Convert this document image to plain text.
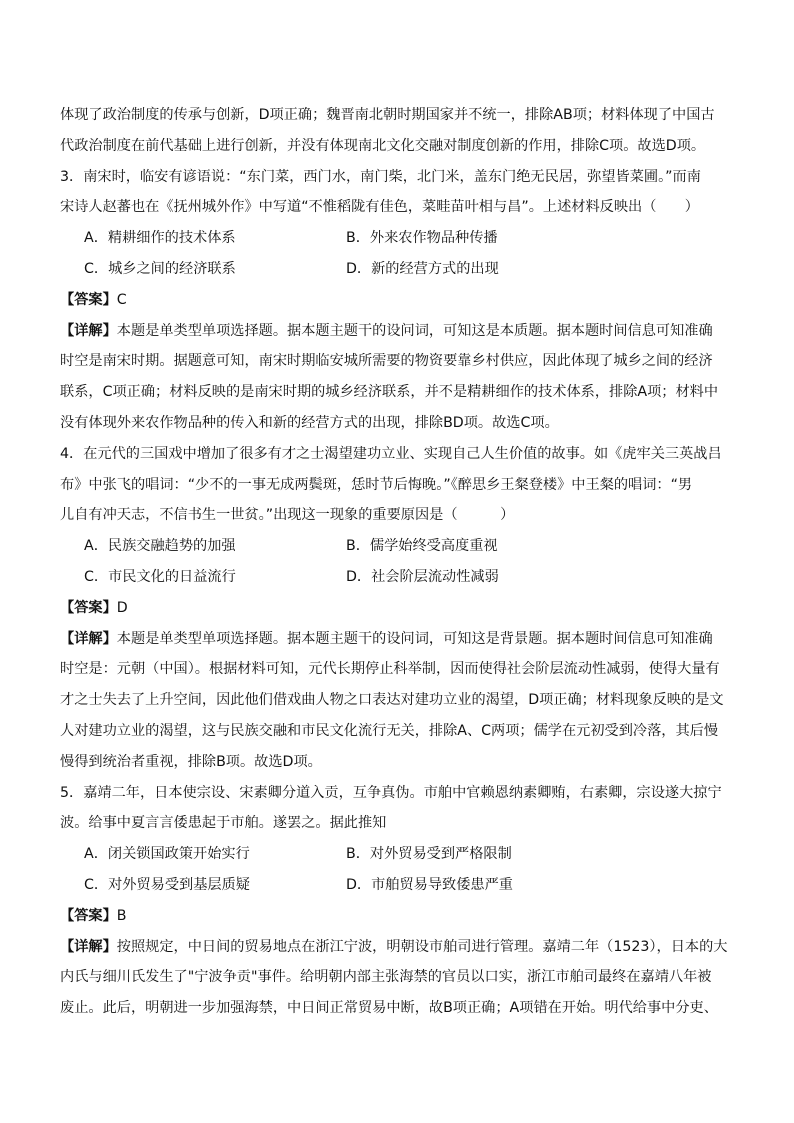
体现了政治制度的传承与创新，D项正确；魏晋南北朝时期国家并不统一，排除AB项；材料体现了中国古
代政治制度在前代基础上进行创新，并没有体现南北文化交融对制度创新的作用，排除C项。故选D项。
3．南宋时，临安有谚语说：“东门菜，西门水，南门柴，北门米，盖东门绝无民居，弥望皆菜圃。”而南
宋诗人赵蕃也在《抚州城外作》中写道“不惟稻陇有佳色，菜畦苗叶相与昌”。上述材料反映出（　　）
A．精耕细作的技术体系	B．外来农作物品种传播
C．城乡之间的经济联系	D．新的经营方式的出现
【答案】C
【详解】本题是单类型单项选择题。据本题主题干的设问词，可知这是本质题。据本题时间信息可知准确
时空是南宋时期。据题意可知，南宋时期临安城所需要的物资要靠乡村供应，因此体现了城乡之间的经济
联系，C项正确；材料反映的是南宋时期的城乡经济联系，并不是精耕细作的技术体系，排除A项；材料中
没有体现外来农作物品种的传入和新的经营方式的出现，排除BD项。故选C项。
4．在元代的三国戏中增加了很多有才之士渴望建功立业、实现自己人生价值的故事。如《虎牢关三英战吕
布》中张飞的唱词：“少不的一事无成两鬓斑，恁时节后悔晚。”《醉思乡王粲登楼》中王粲的唱词：“男
儿自有冲天志，不信书生一世贫。”出现这一现象的重要原因是（　　　）
A．民族交融趋势的加强	B．儒学始终受高度重视
C．市民文化的日益流行	D．社会阶层流动性减弱
【答案】D
【详解】本题是单类型单项选择题。据本题主题干的设问词，可知这是背景题。据本题时间信息可知准确
时空是：元朝（中国）。根据材料可知，元代长期停止科举制，因而使得社会阶层流动性减弱，使得大量有
才之士失去了上升空间，因此他们借戏曲人物之口表达对建功立业的渴望，D项正确；材料现象反映的是文
人对建功立业的渴望，这与民族交融和市民文化流行无关，排除A、C两项；儒学在元初受到冷落，其后慢
慢得到统治者重视，排除B项。故选D项。
5．嘉靖二年，日本使宗设、宋素卿分道入贡，互争真伪。市舶中官赖恩纳素卿贿，右素卿，宗设遂大掠宁
波。给事中夏言言倭患起于市舶。遂罢之。据此推知
A．闭关锁国政策开始实行	B．对外贸易受到严格限制
C．对外贸易受到基层质疑	D．市舶贸易导致倭患严重
【答案】B
【详解】按照规定，中日间的贸易地点在浙江宁波，明朝设市舶司进行管理。嘉靖二年（1523），日本的大
内氏与细川氏发生了"宁波争贡"事件。给明朝内部主张海禁的官员以口实，浙江市舶司最终在嘉靖八年被
废止。此后，明朝进一步加强海禁，中日间正常贸易中断，故B项正确；A项错在开始。明代给事中分吏、
